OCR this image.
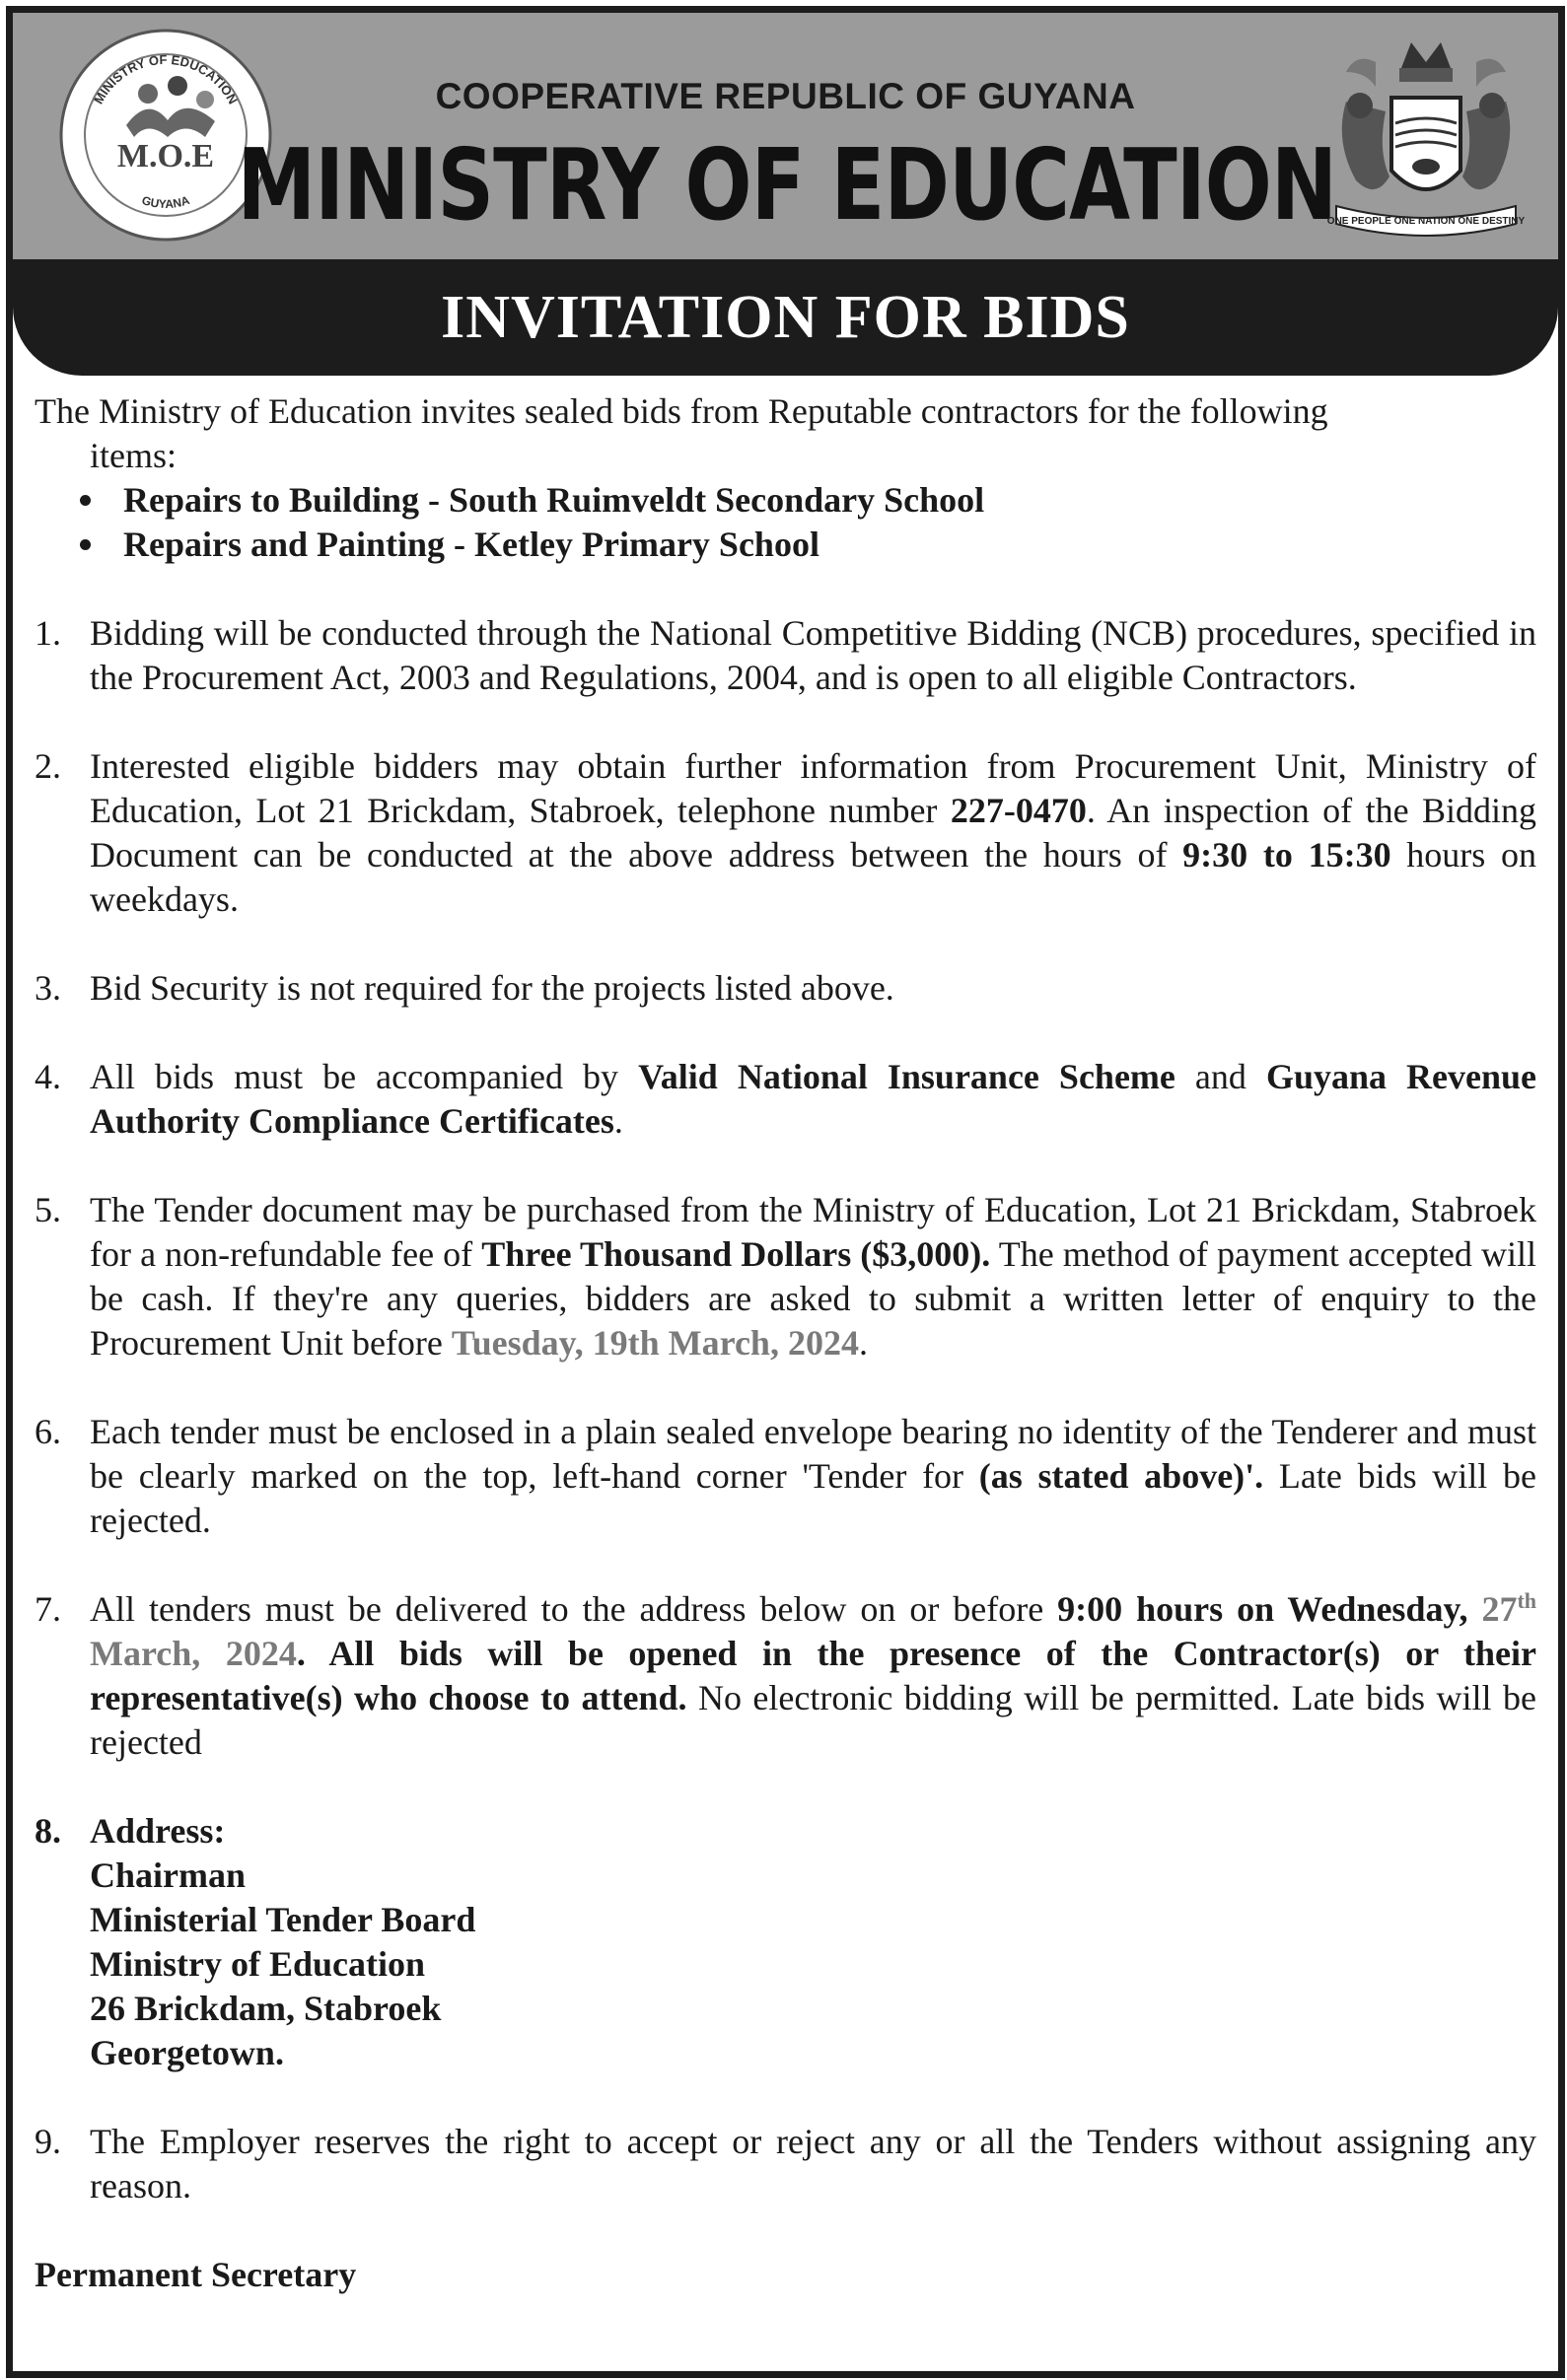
MINISTRY OF EDUCATION
M.O.E
GUYANA
COOPERATIVE REPUBLIC OF GUYANA
MINISTRY OF EDUCATION
ONE PEOPLE ONE NATION ONE DESTINY
INVITATION FOR BIDS
The Ministry of Education invites sealed bids from Reputable contractors for the following
items:
Repairs to Building - South Ruimveldt Secondary School
Repairs and Painting - Ketley Primary School
1. Bidding will be conducted through the National Competitive Bidding (NCB) procedures, specified in the Procurement Act, 2003 and Regulations, 2004, and is open to all eligible Contractors.
2. Interested eligible bidders may obtain further information from Procurement Unit, Ministry of Education, Lot 21 Brickdam, Stabroek, telephone number 227-0470. An inspection of the Bidding Document can be conducted at the above address between the hours of 9:30 to 15:30 hours on weekdays.
3. Bid Security is not required for the projects listed above.
4. All bids must be accompanied by Valid National Insurance Scheme and Guyana Revenue Authority Compliance Certificates.
5. The Tender document may be purchased from the Ministry of Education, Lot 21 Brickdam, Stabroek for a non-refundable fee of Three Thousand Dollars ($3,000). The method of payment accepted will be cash. If they're any queries, bidders are asked to submit a written letter of enquiry to the Procurement Unit before Tuesday, 19th March, 2024.
6. Each tender must be enclosed in a plain sealed envelope bearing no identity of the Tenderer and must be clearly marked on the top, left-hand corner 'Tender for (as stated above)'. Late bids will be rejected.
7. All tenders must be delivered to the address below on or before 9:00 hours on Wednesday, 27th March, 2024. All bids will be opened in the presence of the Contractor(s) or their representative(s) who choose to attend. No electronic bidding will be permitted. Late bids will be rejected
8. Address:
Chairman
Ministerial Tender Board
Ministry of Education
26 Brickdam, Stabroek
Georgetown.
9. The Employer reserves the right to accept or reject any or all the Tenders without assigning any reason.
Permanent Secretary
